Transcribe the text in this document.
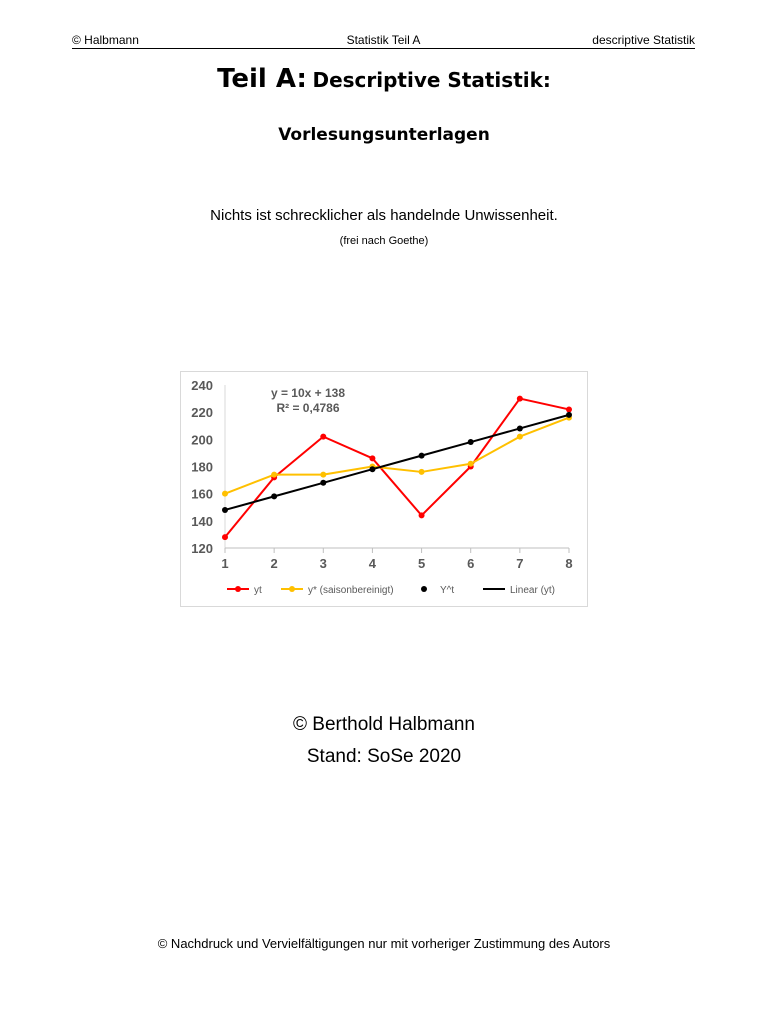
© Halbmann	Statistik Teil A	descriptive Statistik
Teil A: Descriptive Statistik:
Vorlesungsunterlagen
Nichts ist schrecklicher als handelnde Unwissenheit.
(frei nach Goethe)
120
140
160
180
200
220
240
1	2	3	4	5	6	7	8
y = 10x + 138
R² = 0,4786
yt	y* (saisonbereinigt)	Y^t	Linear (yt)
© Berthold Halbmann
Stand: SoSe 2020
© Nachdruck und Vervielfältigungen nur mit vorheriger Zustimmung des Autors
